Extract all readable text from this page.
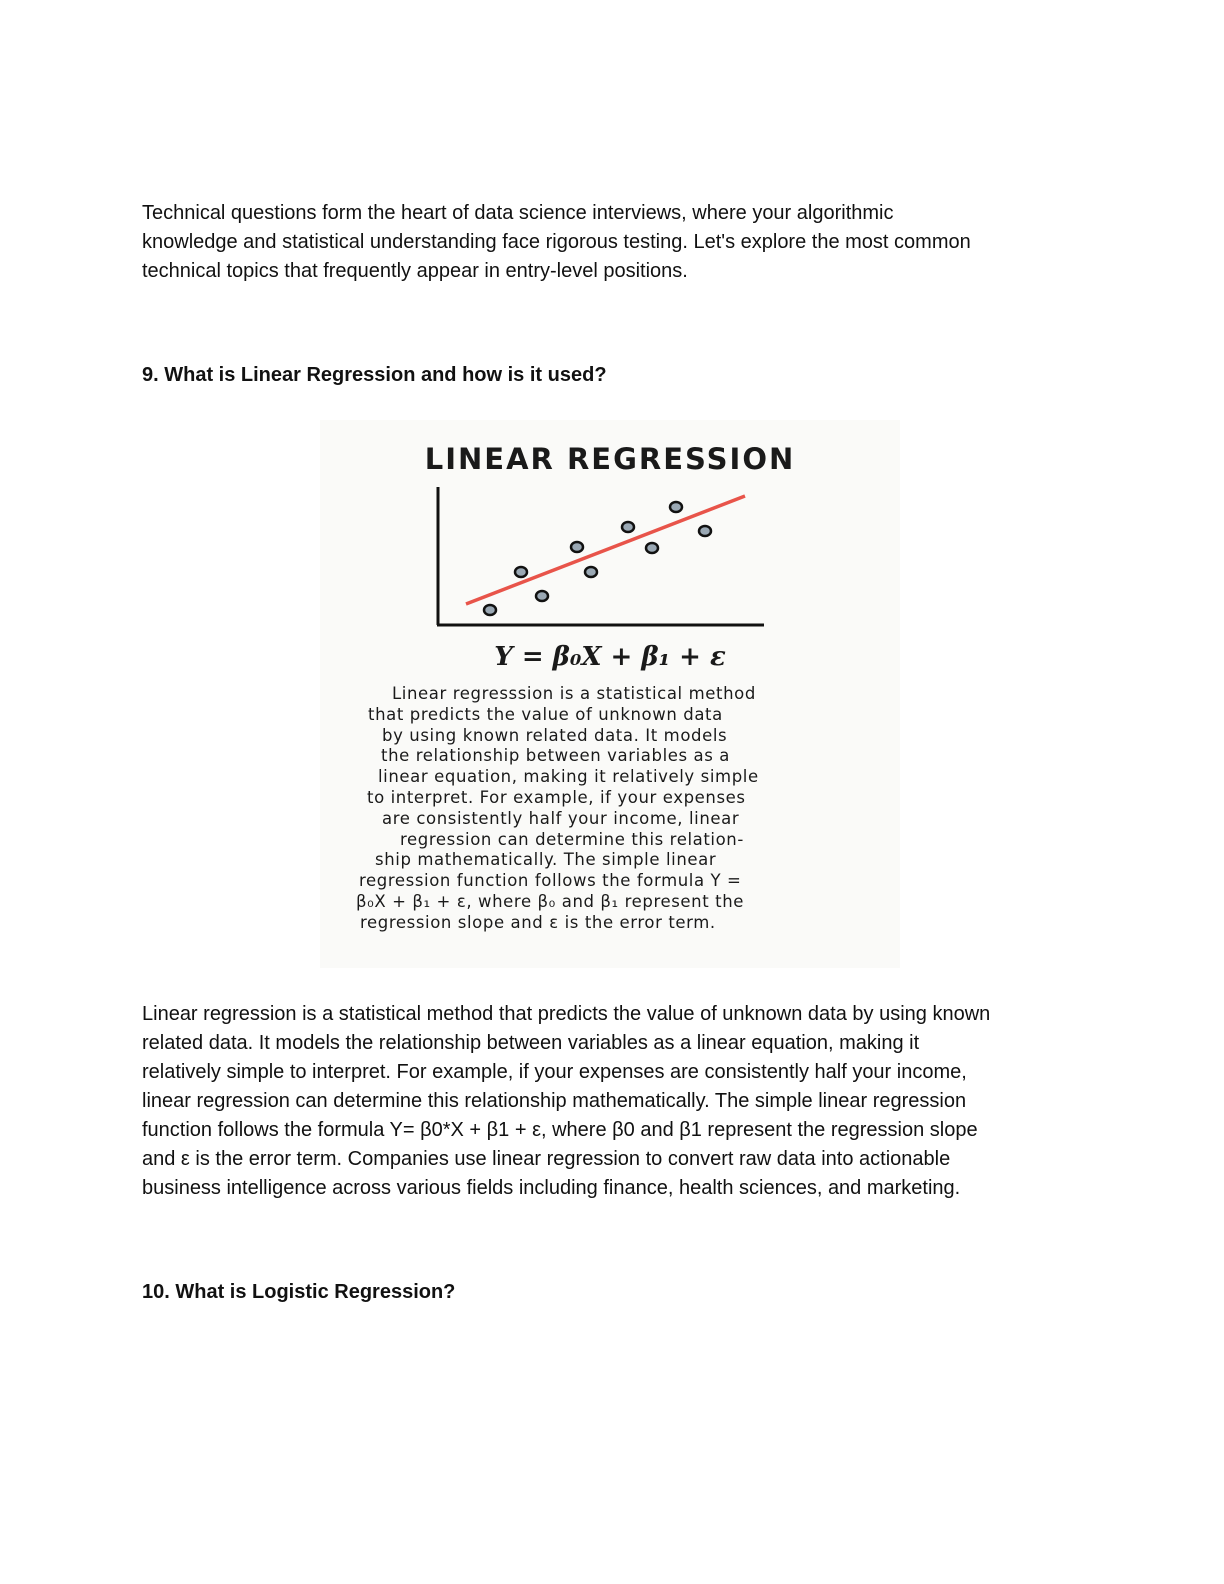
Technical questions form the heart of data science interviews, where your algorithmic
knowledge and statistical understanding face rigorous testing. Let's explore the most common
technical topics that frequently appear in entry-level positions.
9. What is Linear Regression and how is it used?
LINEAR REGRESSION
Y = β₀X + β₁ + ε
Linear regresssion is a statistical method
that predicts the value of unknown data
by using known related data. It models
the relationship between variables as a
linear equation, making it relatively simple
to interpret. For example, if your expenses
are consistently half your income, linear
regression can determine this relation-
ship mathematically. The simple linear
regression function follows the formula Y =
β₀X + β₁ + ε, where β₀ and β₁ represent the
regression slope and ε is the error term.
Linear regression is a statistical method that predicts the value of unknown data by using known
related data. It models the relationship between variables as a linear equation, making it
relatively simple to interpret. For example, if your expenses are consistently half your income,
linear regression can determine this relationship mathematically. The simple linear regression
function follows the formula Y= β0*X + β1 + ε, where β0 and β1 represent the regression slope
and ε is the error term. Companies use linear regression to convert raw data into actionable
business intelligence across various fields including finance, health sciences, and marketing.
10. What is Logistic Regression?
